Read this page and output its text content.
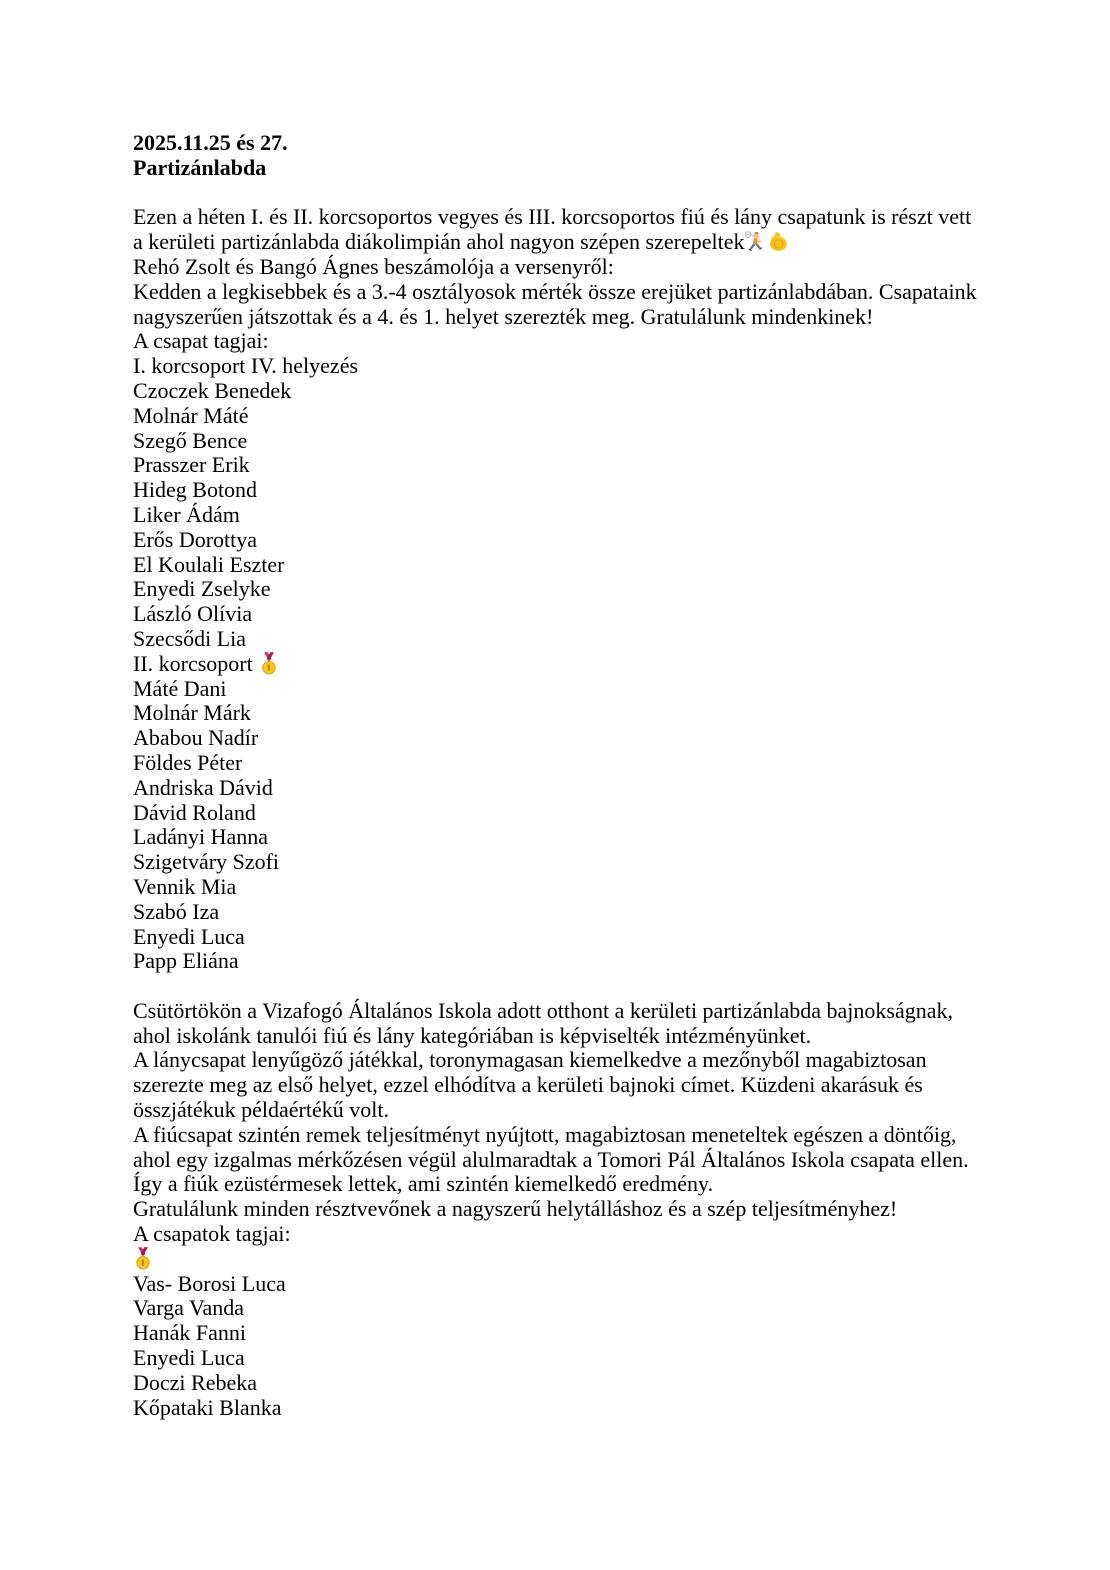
2025.11.25 és 27.
Partizánlabda

Ezen a héten I. és II. korcsoportos vegyes és III. korcsoportos fiú és lány csapatunk is részt vett a kerületi partizánlabda diákolimpián ahol nagyon szépen szerepeltek

Rehó Zsolt és Bangó Ágnes beszámolója a versenyről:

Kedden a legkisebbek és a 3.-4 osztályosok mérték össze erejüket partizánlabdában. Csapataink nagyszerűen játszottak és a 4. és 1. helyet szerezték meg. Gratulálunk mindenkinek!

A csapat tagjai:
I. korcsoport IV. helyezés
Czoczek Benedek
Molnár Máté
Szegő Bence
Prasszer Erik
Hideg Botond
Liker Ádám
Erős Dorottya
El Koulali Eszter
Enyedi Zselyke
László Olívia
Szecsődi Lia
II. korcsoport
Máté Dani
Molnár Márk
Ababou Nadír
Földes Péter
Andriska Dávid
Dávid Roland
Ladányi Hanna
Szigetváry Szofi
Vennik Mia
Szabó Iza
Enyedi Luca
Papp Eliána

Csütörtökön a Vizafogó Általános Iskola adott otthont a kerületi partizánlabda bajnokságnak, ahol iskolánk tanulói fiú és lány kategóriában is képviselték intézményünket.

A lánycsapat lenyűgöző játékkal, toronymagasan kiemelkedve a mezőnyből magabiztosan szerezte meg az első helyet, ezzel elhódítva a kerületi bajnoki címet. Küzdeni akarásuk és összjátékuk példaértékű volt.

A fiúcsapat szintén remek teljesítményt nyújtott, magabiztosan meneteltek egészen a döntőig, ahol egy izgalmas mérkőzésen végül alulmaradtak a Tomori Pál Általános Iskola csapata ellen. Így a fiúk ezüstérmesek lettek, ami szintén kiemelkedő eredmény.

Gratulálunk minden résztvevőnek a nagyszerű helytálláshoz és a szép teljesítményhez!

A csapatok tagjai:
Vas- Borosi Luca
Varga Vanda
Hanák Fanni
Enyedi Luca
Doczi Rebeka
Kőpataki Blanka
